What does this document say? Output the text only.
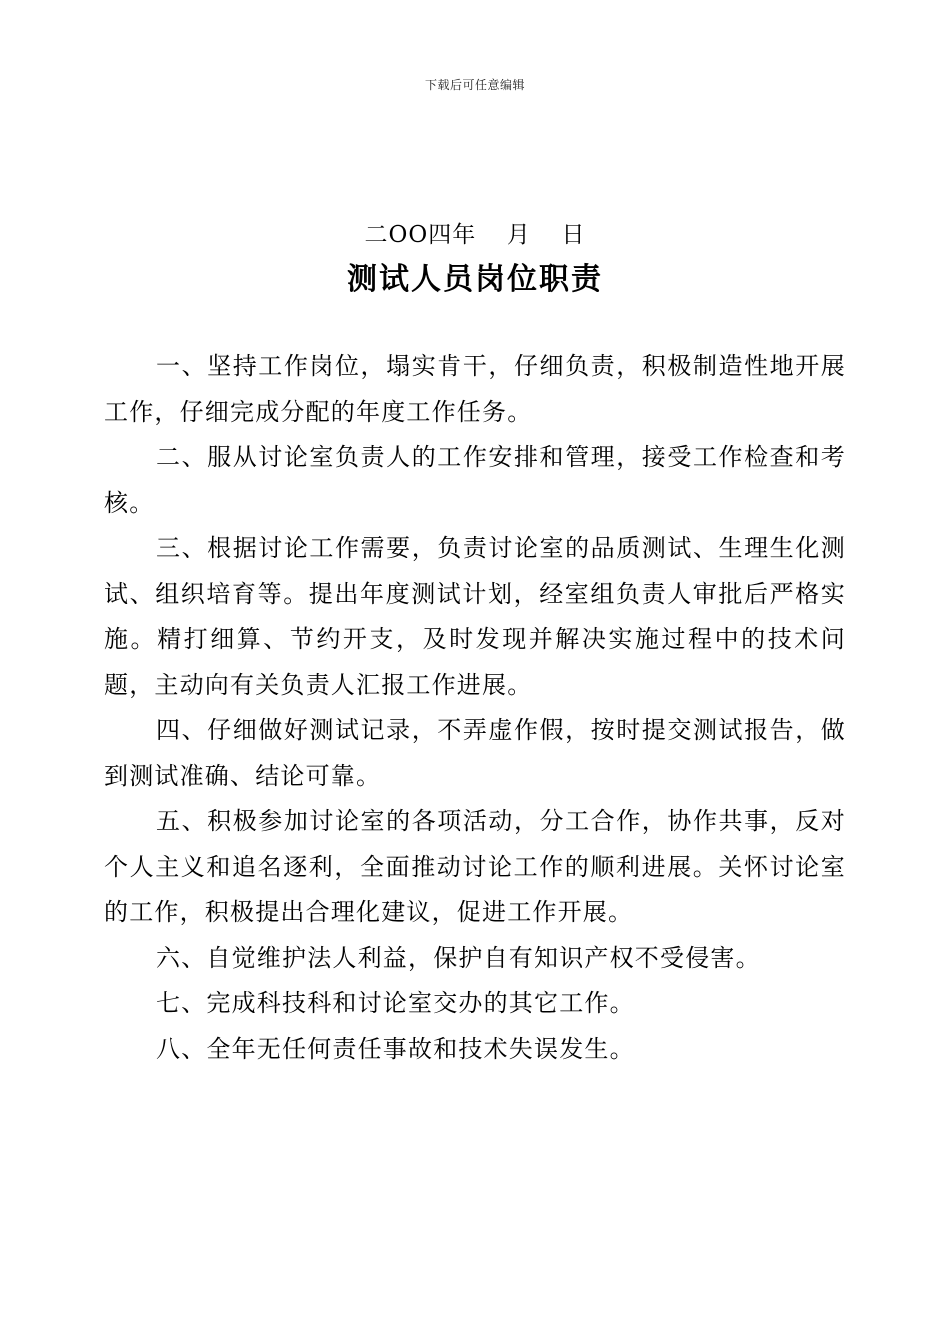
下载后可任意编辑
二OO四年 月 日
测试人员岗位职责

一、坚持工作岗位，塌实肯干，仔细负责，积极制造性地开展工作，仔细完成分配的年度工作任务。

二、服从讨论室负责人的工作安排和管理，接受工作检查和考核。

三、根据讨论工作需要，负责讨论室的品质测试、生理生化测试、组织培育等。提出年度测试计划，经室组负责人审批后严格实施。精打细算、节约开支，及时发现并解决实施过程中的技术问题，主动向有关负责人汇报工作进展。

四、仔细做好测试记录，不弄虚作假，按时提交测试报告，做到测试准确、结论可靠。

五、积极参加讨论室的各项活动，分工合作，协作共事，反对个人主义和追名逐利，全面推动讨论工作的顺利进展。关怀讨论室的工作，积极提出合理化建议，促进工作开展。

六、自觉维护法人利益，保护自有知识产权不受侵害。

七、完成科技科和讨论室交办的其它工作。

八、全年无任何责任事故和技术失误发生。
